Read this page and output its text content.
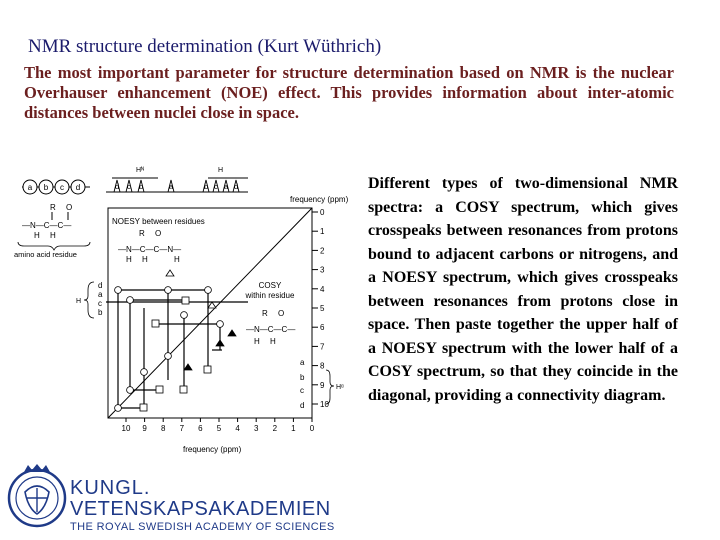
NMR structure determination (Kurt Wüthrich)
The most important parameter for structure determination based on NMR is the nuclear Overhauser enhancement (NOE) effect. This provides information about inter-atomic distances between nuclei close in space.
Different types of two-dimensional NMR spectra: a COSY spectrum, which gives crosspeaks between resonances from protons bound to adjacent carbons or nitrogens, and a NOESY spectrum, which gives crosspeaks between resonances from protons close in space. Then paste together the upper half of a NOESY spectrum with the lower half of a COSY spectrum, so that they coincide in the diagonal, providing a connectivity diagram.
a b c d
R O
—N—C—C—
H H
amino acid residue
Hᴺ	H
d c b	a	b c a d
frequency (ppm)
NOESY between residues
R O
—N—C—C—N—
H H	H
COSY
within residue
R O
—N—C—C—
H H
d
a
c
b
H
0
1
2
3
4
5
6
7
8
9
10
a
b
c
d
Hᵅ
10 9 8 7 6 5 4 3 2 1 0
frequency (ppm)
KUNGL.
VETENSKAPSAKADEMIEN
THE ROYAL SWEDISH ACADEMY OF SCIENCES
